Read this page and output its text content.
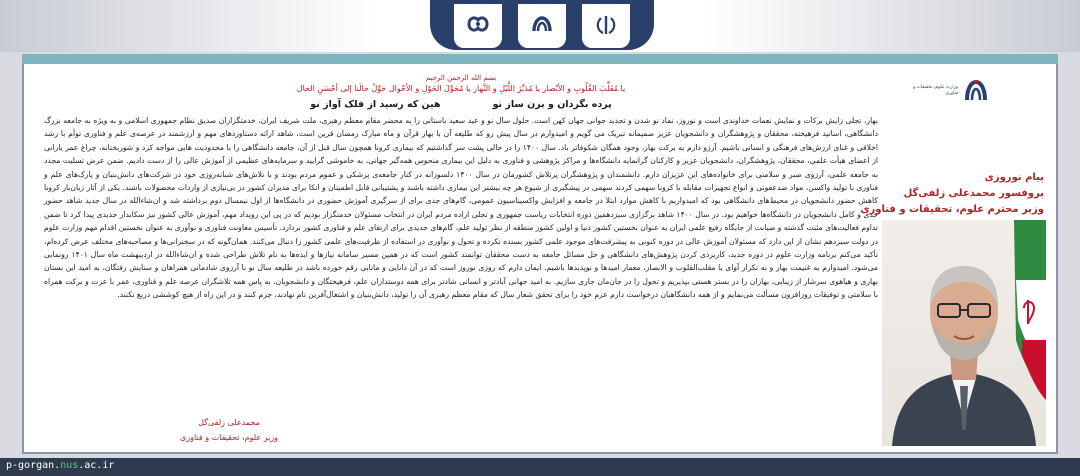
بسم الله الرحمن الرحیم
یا مُقَلِّبَ القُلُوبِ و الأبْصار یا مُدَبِّرَ اللَّیْلِ و النَّهار یا مُحَوِّلَ الحَوْلِ و الأحْوال حَوِّلْ حالَنا إلی أحْسَنِ الحال
پرده بگردان و بزن ساز نو
هین که رسید از فلک آواز نو

بهار، تجلی زایش برکات و نمایش نعمات خداوندی است و نوروز، نماد نو شدن و تجدید جوانی جهان کهن است. حلول سال نو و عید سعید باستانی را به محضر مقام معظم رهبری، ملت شریف ایران، خدمتگزاران صدیق نظام جمهوری اسلامی و به ویژه به جامعه بزرگ دانشگاهی، اساتید فرهیخته، محققان و پژوهشگران و دانشجویان عزیز صمیمانه تبریک می گویم و امیدوارم در سال پیش رو که طلیعه آن با بهار قرآن و ماه مبارک رمضان قرین است، شاهد ارائه دستاوردهای مهم و ارزشمند در عرصه‌ی علم و فناوری توأم با رشد اخلاقی و غنای ارزش‌های فرهنگی و انسانی باشیم. آرزو دارم به برکت بهار، وجود همگان شکوفاتر باد. سال ۱۴۰۰ را در حالی پشت سر گذاشتیم که بیماری کرونا همچون سال قبل از آن، جامعه دانشگاهی را با محدودیت هایی مواجه کرد و شوربختانه، چراغ عمر یارانی از اعضای هیأت علمی، محققان، پژوهشگران، دانشجویان عزیز و کارکنان گرانمایه دانشگاه‌ها و مراکز پژوهشی و فناوری به دلیل این بیماری منحوس همه‌گیر جهانی، به خاموشی گرایید و سرمایه‌های عظیمی از آموزش عالی را از دست دادیم. ضمن عرض تسلیت مجدد به جامعه علمی، آرزوی صبر و سلامتی برای خانواده‌های این عزیزان دارم. دانشمندان و پژوهشگران پرتلاش کشورمان در سال ۱۴۰۰ دلسوزانه در کنار جامعه‌ی پزشکی و عموم مردم بودند و با تلاش‌های شبانه‌روزی خود در شرکت‌های دانش‌بنیان و پارک‌های علم و فناوری با تولید واکسن، مواد ضدعفونی و انواع تجهیزات مقابله با کرونا سهمی کردند سهمی در پیشگیری از شیوع هر چه بیشتر این بیماری داشته باشند و پشتیبانی قابل اطمینان و اتکا برای مدیران کشور در بی‌نیازی از واردات محصولات باشند. یکی از آثار زیان‌بار کرونا کاهش حضور دانشجویان در محیط‌های دانشگاهی بود که امیدواریم با کاهش موارد ابتلا در جامعه و افزایش واکسیناسیون عمومی، گام‌های جدی برای از سرگیری آموزش حضوری در دانشگاه‌ها از اول نیمسال دوم برداشته شد و ان‌شاءالله در سال جدید شاهد حضور جدی و کامل دانشجویان در دانشگاه‌ها خواهیم بود. در سال ۱۴۰۰ شاهد برگزاری سیزدهمین دوره انتخابات ریاست جمهوری و تجلی اراده مردم ایران در انتخاب مسئولان خدمتگزار بودیم که در پی این رویداد مهم، آموزش عالی کشور نیز سکاندار جدیدی پیدا کرد تا ضمن تداوم فعالیت‌های مثبت گذشته و صیانت از جایگاه رفیع علمی ایران به عنوان نخستین کشور دنیا و اولین کشور منطقه از نظر تولید علم، گام‌های جدیدی برای ارتقای علم و فناوری کشور بردارد. تأسیس معاونت فناوری و نوآوری به عنوان نخستین اقدام مهم وزارت علوم در دولت سیزدهم نشان از این دارد که مسئولان آموزش عالی در دوره کنونی به پیشرفت‌های موجود علمی کشور بسنده نکرده و تحول و نوآوری در استفاده از ظرفیت‌های علمی کشور را دنبال می‌کنند. همان‌گونه که در سخنرانی‌ها و مصاحبه‌های مختلف عرض کرده‌ام، تأکید می‌کنم برنامه وزارت علوم در دوره جدید، کاربردی کردن پژوهش‌های دانشگاهی و حل مسائل جامعه به دست محققان توانمند کشور است که در همین مسیر سامانه نیازها و ایده‌ها به نام تلاش طراحی شده و ان‌شاءالله در اردیبهشت ماه سال ۱۴۰۱ رونمایی می‌شود. امیدوارم به غنیمت بهار و به تکرار آوای یا مقلب‌القلوب و الابصار، معمار امیدها و نوپدیدها باشیم. ایمان دارم که روزی نوروز است که در آن دانایی و مانایی رقم خورده باشد در طلیعه سال نو با آرزوی شادمانی همراهان و ستایش رفتگان، به امید این بستان بهاری و هیاهوی سرشار از زیبایی، بهاران را در بستر هستی بپذیریم و تحول را در جان‌مان جاری سازیم. به امید جهانی آبادتر و انسانی شادتر برای همه دوستداران علم، فرهیختگان و دانشجویان. به پاس همه تلاشگران عرصه علم و فناوری، عمر با عزت و برکت همراه با سلامتی و توفیقات روزافزون مسألت می‌نمایم و از همه دانشگاهیان درخواست دارم عزم خود را برای تحقق شعار سال که مقام معظم رهبری آن را تولید، دانش‌بنیان و اشتغال‌آفرین نام نهادند، جزم کنند و در این راه از هیچ کوششی دریغ نکنند.

محمدعلی زلفی‌گل
وزیر علوم، تحقیقات و فناوری
وزارت علوم، تحقیقات و فناوری
پیام نوروزی
پروفسور محمدعلی زلفی‌گل
وزیر محترم علوم، تحقیقات و فناوری
p-gorgan.nus.ac.ir
